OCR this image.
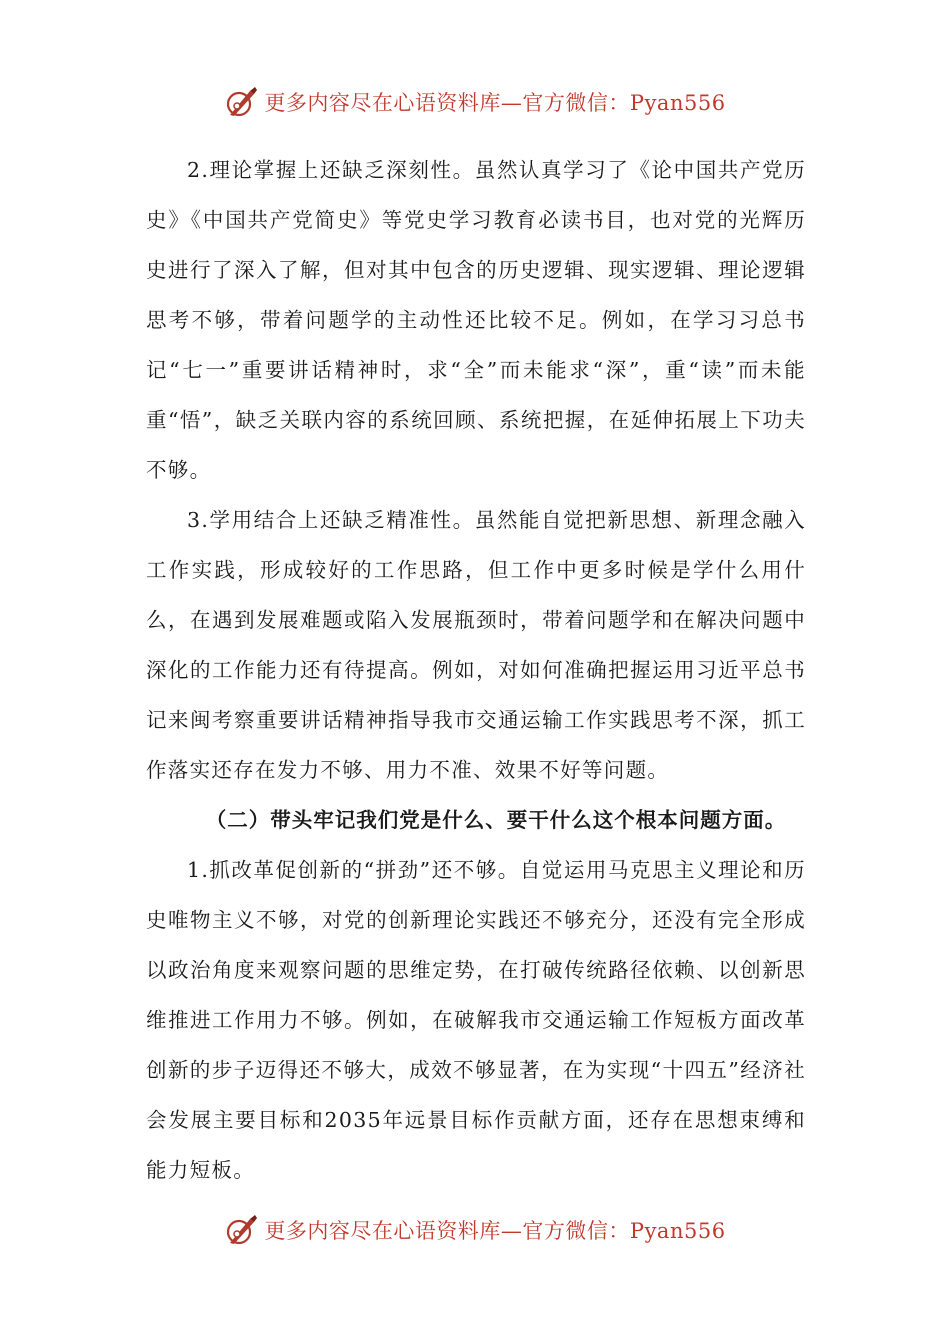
更多内容尽在心语资料库—官方微信：Pyan556

2.理论掌握上还缺乏深刻性。虽然认真学习了《论中国共产党历史》《中国共产党简史》等党史学习教育必读书目，也对党的光辉历史进行了深入了解，但对其中包含的历史逻辑、现实逻辑、理论逻辑思考不够，带着问题学的主动性还比较不足。例如，在学习习总书记“七一”重要讲话精神时，求“全”而未能求“深”，重“读”而未能重“悟”，缺乏关联内容的系统回顾、系统把握，在延伸拓展上下功夫不够。

3.学用结合上还缺乏精准性。虽然能自觉把新思想、新理念融入工作实践，形成较好的工作思路，但工作中更多时候是学什么用什么，在遇到发展难题或陷入发展瓶颈时，带着问题学和在解决问题中深化的工作能力还有待提高。例如，对如何准确把握运用习近平总书记来闽考察重要讲话精神指导我市交通运输工作实践思考不深，抓工作落实还存在发力不够、用力不准、效果不好等问题。

（二）带头牢记我们党是什么、要干什么这个根本问题方面。

1.抓改革促创新的“拼劲”还不够。自觉运用马克思主义理论和历史唯物主义不够，对党的创新理论实践还不够充分，还没有完全形成以政治角度来观察问题的思维定势，在打破传统路径依赖、以创新思维推进工作用力不够。例如，在破解我市交通运输工作短板方面改革创新的步子迈得还不够大，成效不够显著，在为实现“十四五”经济社会发展主要目标和2035年远景目标作贡献方面，还存在思想束缚和能力短板。

更多内容尽在心语资料库—官方微信：Pyan556
